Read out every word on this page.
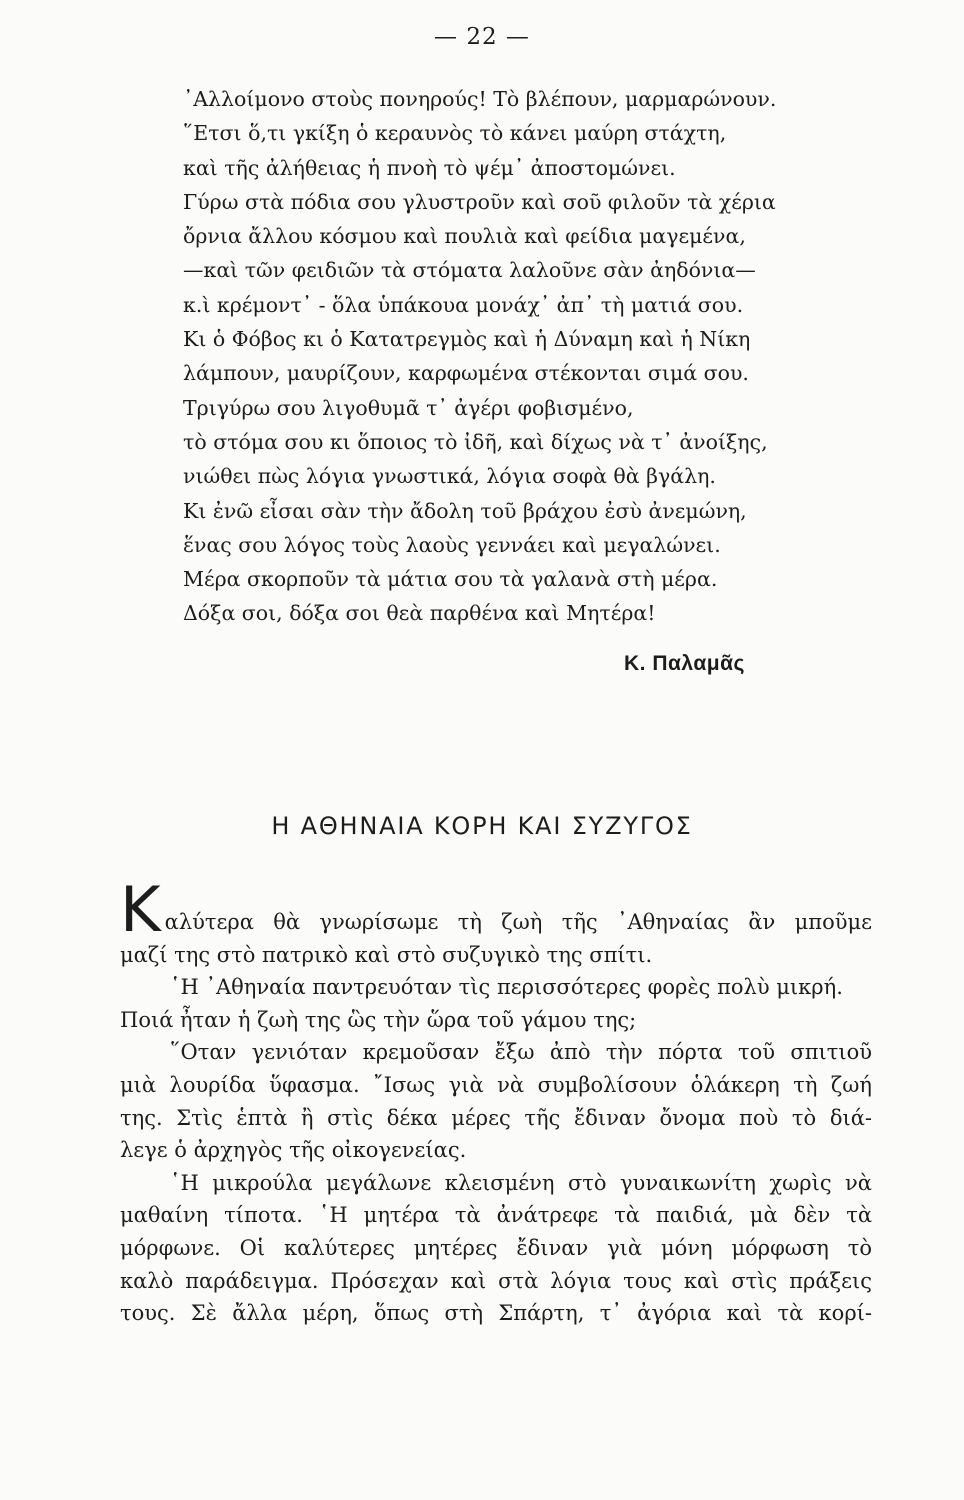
— 22 —
᾿Αλλοίμονο στοὺς πονηρούς! Τὸ βλέπουν, μαρμαρώνουν.
῞Ετσι ὅ,τι γκίξη ὁ κεραυνὸς τὸ κάνει μαύρη στάχτη,
καὶ τῆς ἀλήθειας ἡ πνοὴ τὸ ψέμ᾿ ἀποστομώνει.
Γύρω στὰ πόδια σου γλυστροῦν καὶ σοῦ φιλοῦν τὰ χέρια
ὄρνια ἄλλου κόσμου καὶ πουλιὰ καὶ φείδια μαγεμένα,
—καὶ τῶν φειδιῶν τὰ στόματα λαλοῦνε σὰν ἀηδόνια—
κ.ὶ κρέμοντ᾿ - ὅλα ὑπάκουα μονάχ᾿ ἀπ᾿ τὴ ματιά σου.
Κι ὁ Φόβος κι ὁ Κατατρεγμὸς καὶ ἡ Δύναμη καὶ ἡ Νίκη
λάμπουν, μαυρίζουν, καρφωμένα στέκονται σιμά σου.
Τριγύρω σου λιγοθυμᾶ τ᾿ ἀγέρι φοβισμένο,
τὸ στόμα σου κι ὅποιος τὸ ἰδῆ, καὶ δίχως νὰ τ᾿ ἀνοίξης,
νιώθει πὼς λόγια γνωστικά, λόγια σοφὰ θὰ βγάλη.
Κι ἐνῶ εἶσαι σὰν τὴν ἄδολη τοῦ βράχου ἐσὺ ἀνεμώνη,
ἕνας σου λόγος τοὺς λαοὺς γεννάει καὶ μεγαλώνει.
Μέρα σκορποῦν τὰ μάτια σου τὰ γαλανὰ στὴ μέρα.
Δόξα σοι, δόξα σοι θεὰ παρθένα καὶ Μητέρα!
Κ. Παλαμᾶς
Η ΑΘΗΝΑΙΑ ΚΟΡΗ ΚΑΙ ΣΥΖΥΓΟΣ
Κ αλύτερα θὰ γνωρίσωμε τὴ ζωὴ τῆς ᾿Αθηναίας ἂν μποῦμε
μαζί της στὸ πατρικὸ καὶ στὸ συζυγικὸ της σπίτι.
῾Η ᾿Αθηναία παντρευόταν τὶς περισσότερες φορὲς πολὺ μικρή.
Ποιά ἦταν ἡ ζωὴ της ὣς τὴν ὥρα τοῦ γάμου της;
῞Οταν γενιόταν κρεμοῦσαν ἔξω ἀπὸ τὴν πόρτα τοῦ σπιτιοῦ
μιὰ λουρίδα ὕφασμα. ῎Ισως γιὰ νὰ συμβολίσουν ὁλάκερη τὴ ζωή
της. Στὶς ἑπτὰ ἢ στὶς δέκα μέρες τῆς ἔδιναν ὄνομα ποὺ τὸ διά-
λεγε ὁ ἀρχηγὸς τῆς οἰκογενείας.
῾Η μικρούλα μεγάλωνε κλεισμένη στὸ γυναικωνίτη χωρὶς νὰ
μαθαίνη τίποτα. ῾Η μητέρα τὰ ἀνάτρεφε τὰ παιδιά, μὰ δὲν τὰ
μόρφωνε. Οἱ καλύτερες μητέρες ἔδιναν γιὰ μόνη μόρφωση τὸ
καλὸ παράδειγμα. Πρόσεχαν καὶ στὰ λόγια τους καὶ στὶς πράξεις
τους. Σὲ ἄλλα μέρη, ὅπως στὴ Σπάρτη, τ᾿ ἀγόρια καὶ τὰ κορί-
